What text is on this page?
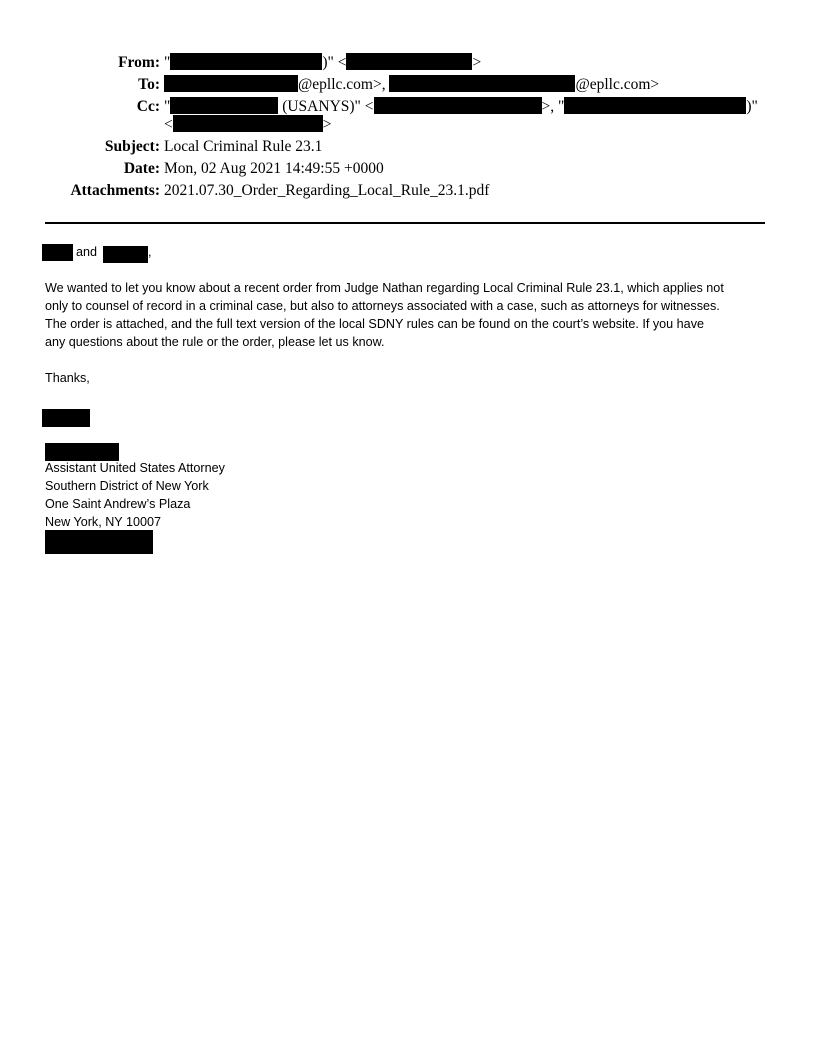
From: "	)" <	>
To:	@epllc.com>,	@epllc.com>
Cc: "	(USANYS)" <	>, "	)"
<	>
Subject: Local Criminal Rule 23.1
Date: Mon, 02 Aug 2021 14:49:55 +0000
Attachments: 2021.07.30_Order_Regarding_Local_Rule_23.1.pdf
and	,
We wanted to let you know about a recent order from Judge Nathan regarding Local Criminal Rule 23.1, which applies not
only to counsel of record in a criminal case, but also to attorneys associated with a case, such as attorneys for witnesses.
The order is attached, and the full text version of the local SDNY rules can be found on the court’s website. If you have
any questions about the rule or the order, please let us know.
Thanks,
Assistant United States Attorney
Southern District of New York
One Saint Andrew’s Plaza
New York, NY 10007
